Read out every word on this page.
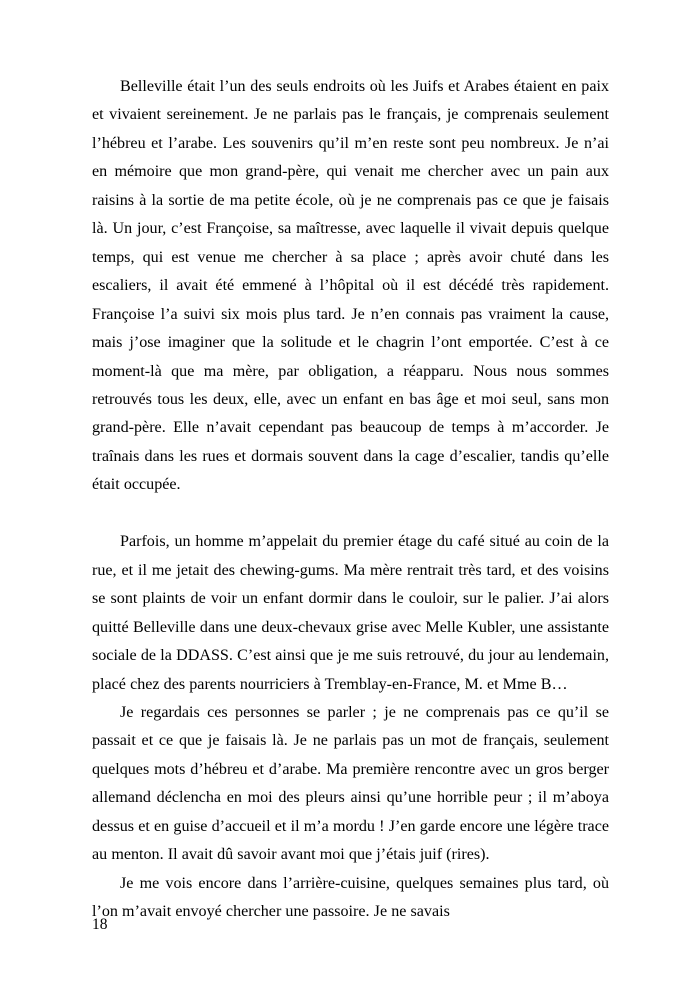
Belleville était l’un des seuls endroits où les Juifs et Arabes étaient en paix et vivaient sereinement. Je ne parlais pas le français, je comprenais seulement l’hébreu et l’arabe. Les souvenirs qu’il m’en reste sont peu nombreux. Je n’ai en mémoire que mon grand-père, qui venait me chercher avec un pain aux raisins à la sortie de ma petite école, où je ne comprenais pas ce que je faisais là. Un jour, c’est Françoise, sa maîtresse, avec laquelle il vivait depuis quelque temps, qui est venue me chercher à sa place ; après avoir chuté dans les escaliers, il avait été emmené à l’hôpital où il est décédé très rapidement. Françoise l’a suivi six mois plus tard. Je n’en connais pas vraiment la cause, mais j’ose imaginer que la solitude et le chagrin l’ont emportée. C’est à ce moment-là que ma mère, par obligation, a réapparu. Nous nous sommes retrouvés tous les deux, elle, avec un enfant en bas âge et moi seul, sans mon grand-père. Elle n’avait cependant pas beaucoup de temps à m’accorder. Je traînais dans les rues et dormais souvent dans la cage d’escalier, tandis qu’elle était occupée.

Parfois, un homme m’appelait du premier étage du café situé au coin de la rue, et il me jetait des chewing-gums. Ma mère rentrait très tard, et des voisins se sont plaints de voir un enfant dormir dans le couloir, sur le palier. J’ai alors quitté Belleville dans une deux-chevaux grise avec Melle Kubler, une assistante sociale de la DDASS. C’est ainsi que je me suis retrouvé, du jour au lendemain, placé chez des parents nourriciers à Tremblay-en-France, M. et Mme B…

Je regardais ces personnes se parler ; je ne comprenais pas ce qu’il se passait et ce que je faisais là. Je ne parlais pas un mot de français, seulement quelques mots d’hébreu et d’arabe. Ma première rencontre avec un gros berger allemand déclencha en moi des pleurs ainsi qu’une horrible peur ; il m’aboya dessus et en guise d’accueil et il m’a mordu ! J’en garde encore une légère trace au menton. Il avait dû savoir avant moi que j’étais juif (rires).

Je me vois encore dans l’arrière-cuisine, quelques semaines plus tard, où l’on m’avait envoyé chercher une passoire. Je ne savais

18
